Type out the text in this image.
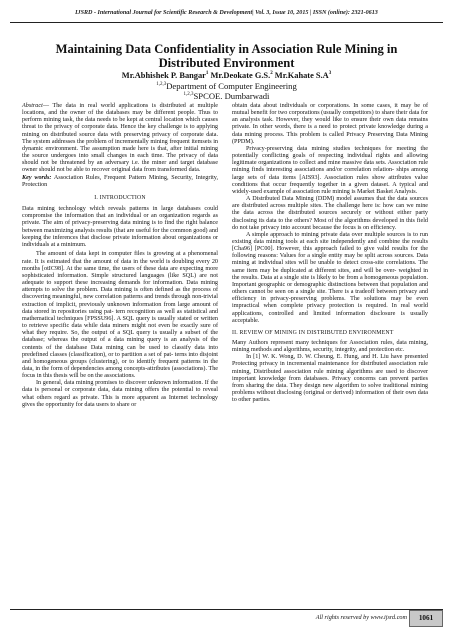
IJSRD - International Journal for Scientific Research & Development| Vol. 3, Issue 10, 2015 | ISSN (online): 2321-0613
Maintaining Data Confidentiality in Association Rule Mining in
Distributed Environment
Mr.Abhishek P. Bangar$^1$ Mr.Deokate G.S.$^2$ Mr.Kahate $S.A^3$
$^{1,2,3}$Department of Computer Engineering
$^{1,2,3}$SPCOE. Dumbarwadi

Abstract— The data in real world applications is distributed at multiple locations, and the owner of the databases may be different people. Thus to perform mining task, the data needs to be kept at central location which causes threat to the privacy of corporate data. Hence the key challenge is to applying mining on distributed source data with preserving privacy of corporate data. The system addresses the problem of incrementally mining frequent itemsets in dynamic environment. The assumption made here is that, after initial mining the source undergoes into small changes in each time. The privacy of data should not be threatened by an adversary i.e. the miner and target database owner should not be able to recover original data from transformed data.

Key words: Association Rules, Frequent Pattern Mining, Security, Integrity, Protection

I. INTRODUCTION

Data mining technology which reveals patterns in large databases could compromise the information that an individual or an organization regards as private. The aim of privacy-preserving data mining is to find the right balance between maximizing analysis results (that are useful for the common good) and keeping the inferences that disclose private information about organizations or individuals at a minimum.

The amount of data kept in computer files is growing at a phenomenal rate. It is estimated that the amount of data in the world is doubling every 20 months [otIC98]. At the same time, the users of these data are expecting more sophisticated information. Simple structured languages (like SQL) are not adequate to support these increasing demands for information. Data mining attempts to solve the problem. Data mining is often defined as the process of discovering meaningful, new correlation patterns and trends through non-trivial extraction of implicit, previously unknown information from large amount of data stored in repositories using pat- tern recognition as well as statistical and mathematical techniques [FPSSU96]. A SQL query is usually stated or written to retrieve specific data while data miners might not even be exactly sure of what they require. So, the output of a SQL query is usually a subset of the database; whereas the output of a data mining query is an analysis of the contents of the database Data mining can be used to classify data into predefined classes (classification), or to partition a set of pat- terns into disjoint and homogeneous groups (clustering), or to identify frequent patterns in the data, in the form of dependencies among concepts-attributes (associations). The focus in this thesis will be on the associations.

In general, data mining promises to discover unknown information. If the data is personal or corporate data, data mining offers the potential to reveal what others regard as private. This is more apparent as Internet technology gives the opportunity for data users to share or

obtain data about individuals or corporations. In some cases, it may be of mutual benefit for two corporations (usually competitors) to share their data for an analysis task. However, they would like to ensure their own data remains private. In other words, there is a need to protect private knowledge during a data mining process. This problem is called Privacy Preserving Data Mining (PPDM).

Privacy-preserving data mining studies techniques for meeting the potentially conflicting goals of respecting individual rights and allowing legitimate organizations to collect and mine massive data sets. Association rule mining finds interesting associations and/or correlation relation- ships among large sets of data items [AIS93]. Association rules show attributes value conditions that occur frequently together in a given dataset. A typical and widely-used example of association rule mining is Market Basket Analysis.

A Distributed Data Mining (DDM) model assumes that the data sources are distributed across multiple sites. The challenge here is: how can we mine the data across the distributed sources securely or without either party disclosing its data to the others? Most of the algorithms developed in this field do not take privacy into account because the focus is on efficiency.

A simple approach to mining private data over multiple sources is to run existing data mining tools at each site independently and combine the results [Cha96] [PC00]. However, this approach failed to give valid results for the following reasons: Values for a single entity may be split across sources. Data mining at individual sites will be unable to detect cross-site correlations. The same item may be duplicated at different sites, and will be over- weighted in the results. Data at a single site is likely to be from a homogeneous population. Important geographic or demographic distinctions between that population and others cannot be seen on a single site. There is a tradeoff between privacy and efficiency in privacy-preserving problems. The solutions may be even impractical when complete privacy protection is required. In real world applications, controlled and limited information disclosure is usually acceptable.

II. REVIEW OF MINING IN DISTRIBUTED ENVIRONMENT

Many Authors represent many techniques for Association rules, data mining, mining methods and algorithms, security, integrity, and protection etc.

In [1] W. K. Wong, D. W. Cheung, E. Hung, and H. Liu have presented Protecting privacy in incremental maintenance for distributed association rule mining, Distributed association rule mining algorithms are used to discover important knowledge from databases. Privacy concerns can prevent parties from sharing the data. They design new algorithm to solve traditional mining problems without disclosing (original or derived) information of their own data to other parties.

All rights reserved by www.ijsrd.com	1061
